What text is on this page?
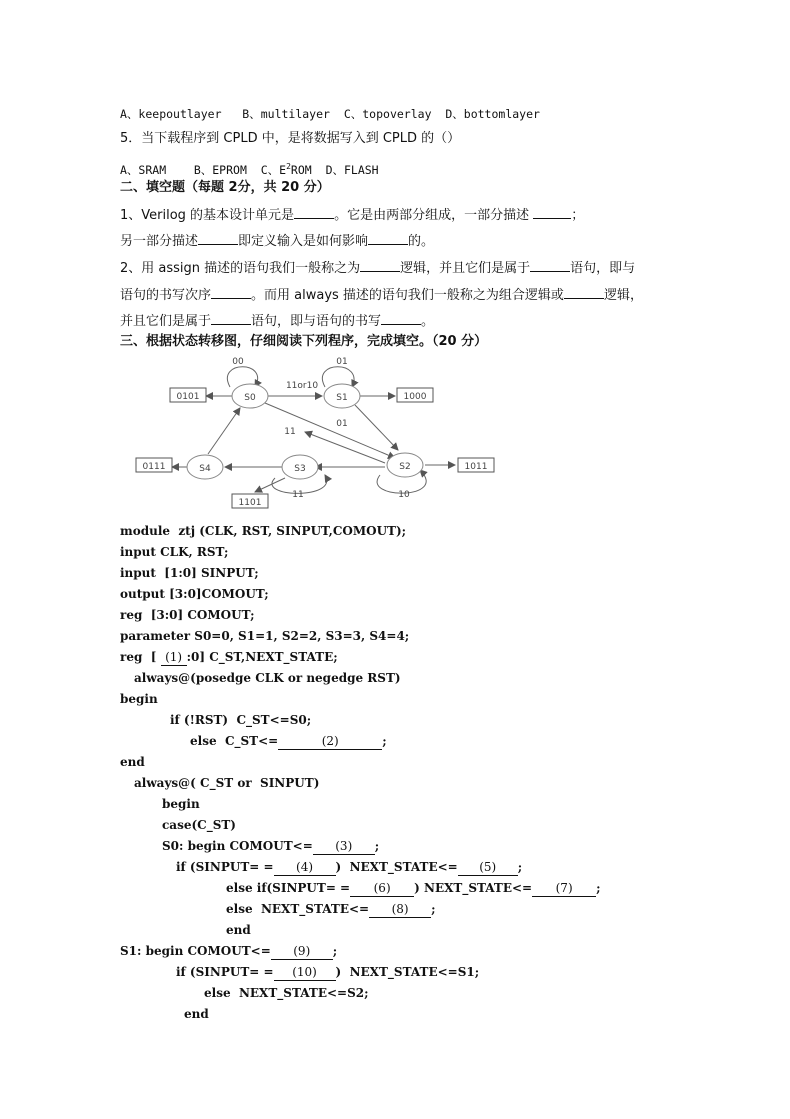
A、keepoutlayer B、multilayer C、topoverlay D、bottomlayer
5．当下载程序到 CPLD 中，是将数据写入到 CPLD 的（）
A、SRAM B、EPROM C、$E^2ROM$ D、FLASH
二、填空题（每题 2分，共 20 分）
1、Verilog 的基本设计单元是	。它是由两部分组成，一部分描述	；
另一部分描述	即定义输入是如何影响	的。
2、用 assign 描述的语句我们一般称之为	逻辑，并且它们是属于	语句，即与
语句的书写次序	。而用 always 描述的语句我们一般称之为组合逻辑或	逻辑，
并且它们是属于	语句，即与语句的书写	。
三、根据状态转移图，仔细阅读下列程序，完成填空。（20 分）
S0	S1
S2
S3
S4
0101	1000
1011
1101
0111
00	01
11or10
01
11
10
11
module  ztj (CLK, RST, SINPUT,COMOUT);
input CLK, RST;
input  [1:0] SINPUT;
output [3:0]COMOUT;
reg  [3:0] COMOUT;
parameter S0=0, S1=1, S2=2, S3=3, S4=4;
reg  [ (1) :0] C_ST,NEXT_STATE;
always@(posedge CLK or negedge RST)
begin
if (!RST)  C_ST<=S0;
else  C_ST<=	(2)	;
end
always@( C_ST or  SINPUT)
begin
case(C_ST)
S0: begin COMOUT<= (3) ;
if (SINPUT= = (4) )  NEXT_STATE<= (5) ;
else if(SINPUT= = (6) ) NEXT_STATE<= (7) ;
else  NEXT_STATE<= (8) ;
end
S1: begin COMOUT<= (9) ;
if (SINPUT= = (10) )  NEXT_STATE<=S1;
else  NEXT_STATE<=S2;
end
